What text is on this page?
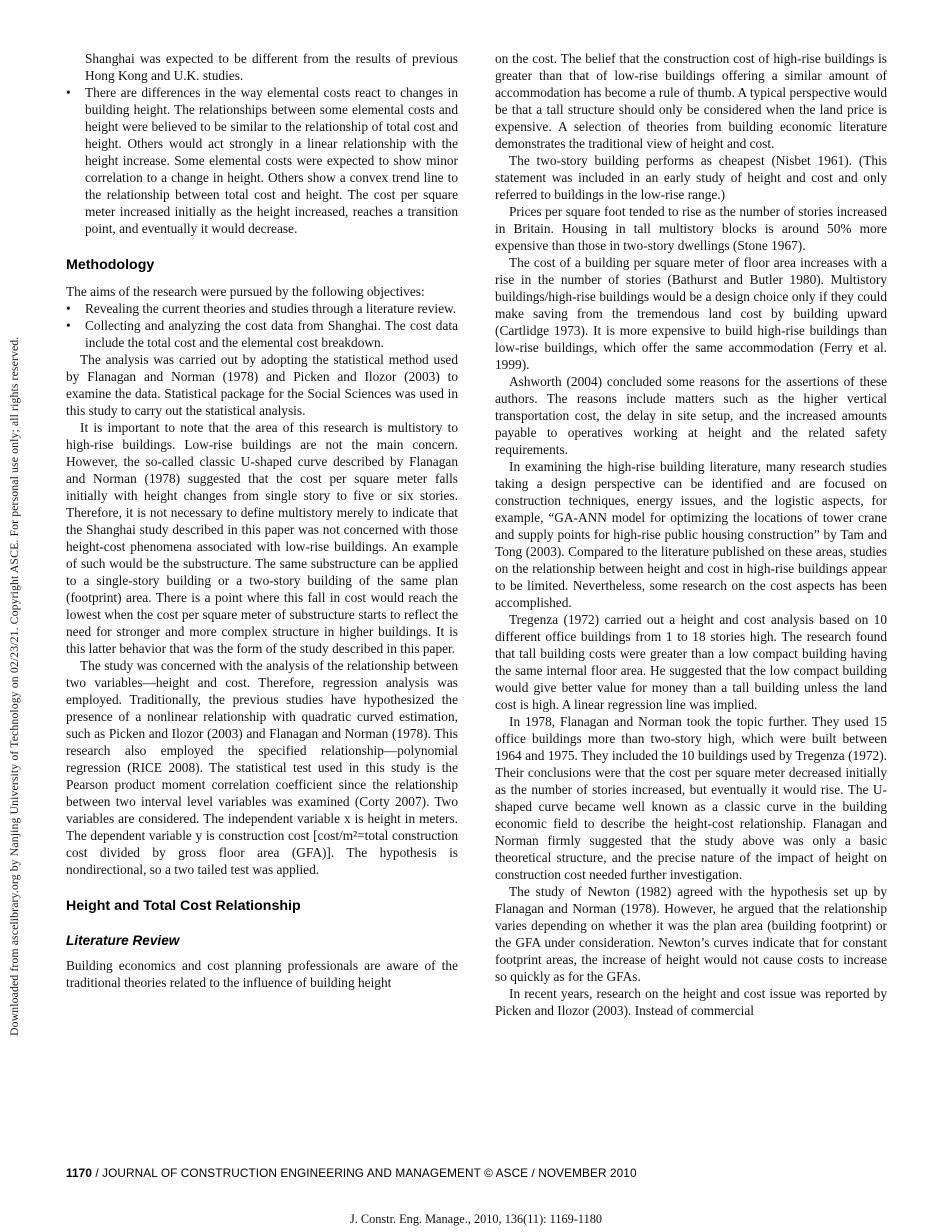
Downloaded from ascelibrary.org by Nanjing University of Technology on 02/23/21. Copyright ASCE. For personal use only; all rights reserved.

Shanghai was expected to be different from the results of previous Hong Kong and U.K. studies.

•	There are differences in the way elemental costs react to changes in building height. The relationships between some elemental costs and height were believed to be similar to the relationship of total cost and height. Others would act strongly in a linear relationship with the height increase. Some elemental costs were expected to show minor correlation to a change in height. Others show a convex trend line to the relationship between total cost and height. The cost per square meter increased initially as the height increased, reaches a transition point, and eventually it would decrease.

Methodology

The aims of the research were pursued by the following objectives:

•	Revealing the current theories and studies through a literature review.

•	Collecting and analyzing the cost data from Shanghai. The cost data include the total cost and the elemental cost breakdown.

The analysis was carried out by adopting the statistical method used by Flanagan and Norman (1978) and Picken and Ilozor (2003) to examine the data. Statistical package for the Social Sciences was used in this study to carry out the statistical analysis.

It is important to note that the area of this research is multistory to high-rise buildings. Low-rise buildings are not the main concern. However, the so-called classic U-shaped curve described by Flanagan and Norman (1978) suggested that the cost per square meter falls initially with height changes from single story to five or six stories. Therefore, it is not necessary to define multistory merely to indicate that the Shanghai study described in this paper was not concerned with those height-cost phenomena associated with low-rise buildings. An example of such would be the substructure. The same substructure can be applied to a single-story building or a two-story building of the same plan (footprint) area. There is a point where this fall in cost would reach the lowest when the cost per square meter of substructure starts to reflect the need for stronger and more complex structure in higher buildings. It is this latter behavior that was the form of the study described in this paper.

The study was concerned with the analysis of the relationship between two variables—height and cost. Therefore, regression analysis was employed. Traditionally, the previous studies have hypothesized the presence of a nonlinear relationship with quadratic curved estimation, such as Picken and Ilozor (2003) and Flanagan and Norman (1978). This research also employed the specified relationship—polynomial regression (RICE 2008). The statistical test used in this study is the Pearson product moment correlation coefficient since the relationship between two interval level variables was examined (Corty 2007). Two variables are considered. The independent variable x is height in meters. The dependent variable y is construction cost [cost/m²=total construction cost divided by gross floor area (GFA)]. The hypothesis is nondirectional, so a two tailed test was applied.

Height and Total Cost Relationship
Literature Review

Building economics and cost planning professionals are aware of the traditional theories related to the influence of building height

on the cost. The belief that the construction cost of high-rise buildings is greater than that of low-rise buildings offering a similar amount of accommodation has become a rule of thumb. A typical perspective would be that a tall structure should only be considered when the land price is expensive. A selection of theories from building economic literature demonstrates the traditional view of height and cost.

The two-story building performs as cheapest (Nisbet 1961). (This statement was included in an early study of height and cost and only referred to buildings in the low-rise range.)

Prices per square foot tended to rise as the number of stories increased in Britain. Housing in tall multistory blocks is around 50% more expensive than those in two-story dwellings (Stone 1967).

The cost of a building per square meter of floor area increases with a rise in the number of stories (Bathurst and Butler 1980). Multistory buildings/high-rise buildings would be a design choice only if they could make saving from the tremendous land cost by building upward (Cartlidge 1973). It is more expensive to build high-rise buildings than low-rise buildings, which offer the same accommodation (Ferry et al. 1999).

Ashworth (2004) concluded some reasons for the assertions of these authors. The reasons include matters such as the higher vertical transportation cost, the delay in site setup, and the increased amounts payable to operatives working at height and the related safety requirements.

In examining the high-rise building literature, many research studies taking a design perspective can be identified and are focused on construction techniques, energy issues, and the logistic aspects, for example, “GA-ANN model for optimizing the locations of tower crane and supply points for high-rise public housing construction” by Tam and Tong (2003). Compared to the literature published on these areas, studies on the relationship between height and cost in high-rise buildings appear to be limited. Nevertheless, some research on the cost aspects has been accomplished.

Tregenza (1972) carried out a height and cost analysis based on 10 different office buildings from 1 to 18 stories high. The research found that tall building costs were greater than a low compact building having the same internal floor area. He suggested that the low compact building would give better value for money than a tall building unless the land cost is high. A linear regression line was implied.

In 1978, Flanagan and Norman took the topic further. They used 15 office buildings more than two-story high, which were built between 1964 and 1975. They included the 10 buildings used by Tregenza (1972). Their conclusions were that the cost per square meter decreased initially as the number of stories increased, but eventually it would rise. The U-shaped curve became well known as a classic curve in the building economic field to describe the height-cost relationship. Flanagan and Norman firmly suggested that the study above was only a basic theoretical structure, and the precise nature of the impact of height on construction cost needed further investigation.

The study of Newton (1982) agreed with the hypothesis set up by Flanagan and Norman (1978). However, he argued that the relationship varies depending on whether it was the plan area (building footprint) or the GFA under consideration. Newton’s curves indicate that for constant footprint areas, the increase of height would not cause costs to increase so quickly as for the GFAs.

In recent years, research on the height and cost issue was reported by Picken and Ilozor (2003). Instead of commercial

1170 / JOURNAL OF CONSTRUCTION ENGINEERING AND MANAGEMENT © ASCE / NOVEMBER 2010
J. Constr. Eng. Manage., 2010, 136(11): 1169-1180
